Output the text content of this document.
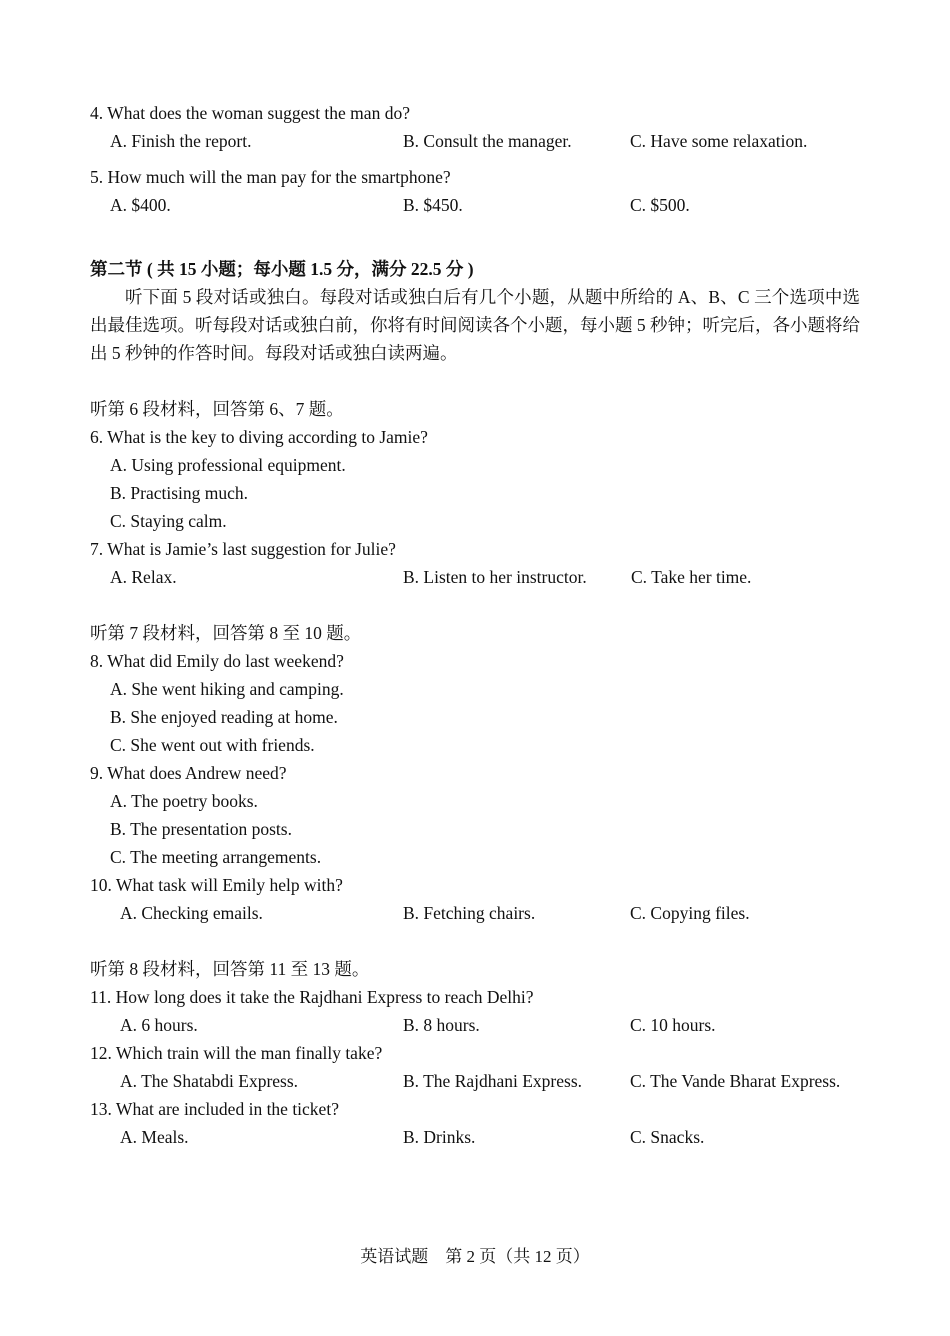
4. What does the woman suggest the man do?
A. Finish the report.	B. Consult the manager.	C. Have some relaxation.
5. How much will the man pay for the smartphone?
A. $400.	B. $450.	C. $500.
第二节 ( 共 15 小题；每小题 1.5 分，满分 22.5 分 )
听下面 5 段对话或独白。每段对话或独白后有几个小题，从题中所给的 A、B、C 三个选项中选出最佳选项。听每段对话或独白前，你将有时间阅读各个小题，每小题 5 秒钟；听完后，各小题将给出 5 秒钟的作答时间。每段对话或独白读两遍。
听第 6 段材料，回答第 6、7 题。
6. What is the key to diving according to Jamie?
A. Using professional equipment.
B. Practising much.
C. Staying calm.
7. What is Jamie’s last suggestion for Julie?
A. Relax.	B. Listen to her instructor.	C. Take her time.
听第 7 段材料，回答第 8 至 10 题。
8. What did Emily do last weekend?
A. She went hiking and camping.
B. She enjoyed reading at home.
C. She went out with friends.
9. What does Andrew need?
A. The poetry books.
B. The presentation posts.
C. The meeting arrangements.
10. What task will Emily help with?
A. Checking emails.	B. Fetching chairs.	C. Copying files.
听第 8 段材料，回答第 11 至 13 题。
11. How long does it take the Rajdhani Express to reach Delhi?
A. 6 hours.	B. 8 hours.	C. 10 hours.
12. Which train will the man finally take?
A. The Shatabdi Express.	B. The Rajdhani Express.	C. The Vande Bharat Express.
13. What are included in the ticket?
A. Meals.	B. Drinks.	C. Snacks.
英语试题　第 2 页（共 12 页）
